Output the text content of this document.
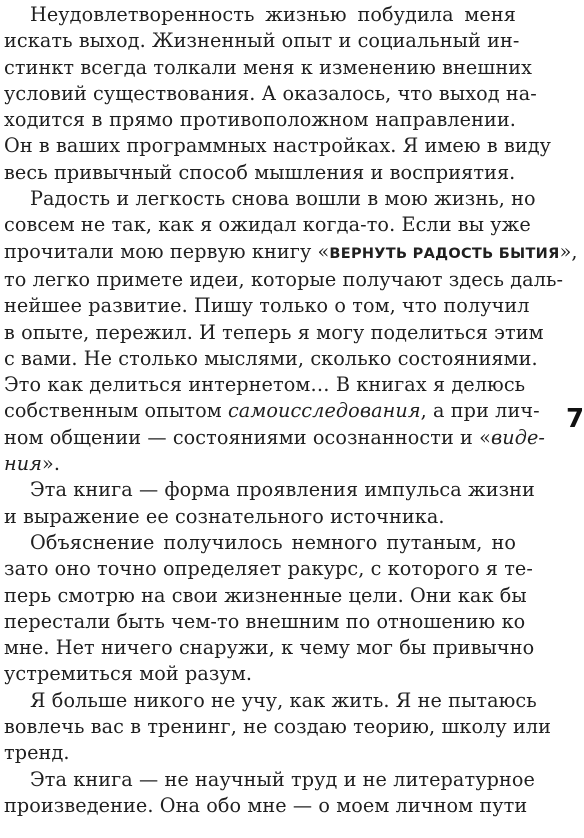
Неудовлетворенность жизнью побудила меня
искать выход. Жизненный опыт и социальный ин-
стинкт всегда толкали меня к изменению внешних
условий существования. А оказалось, что выход на-
ходится в прямо противоположном направлении.
Он в ваших программных настройках. Я имею в виду
весь привычный способ мышления и восприятия.
Радость и легкость снова вошли в мою жизнь, но
совсем не так, как я ожидал когда-то. Если вы уже
прочитали мою первую книгу «ВЕРНУТЬ РАДОСТЬ БЫТИЯ»,
то легко примете идеи, которые получают здесь даль-
нейшее развитие. Пишу только о том, что получил
в опыте, пережил. И теперь я могу поделиться этим
с вами. Не столько мыслями, сколько состояниями.
Это как делиться интернетом… В книгах я делюсь
собственным опытом самоисследования, а при лич-
ном общении — состояниями осознанности и «виде-
ния».
Эта книга — форма проявления импульса жизни
и выражение ее сознательного источника.
Объяснение получилось немного путаным, но
зато оно точно определяет ракурс, с которого я те-
перь смотрю на свои жизненные цели. Они как бы
перестали быть чем-то внешним по отношению ко
мне. Нет ничего снаружи, к чему мог бы привычно
устремиться мой разум.
Я больше никого не учу, как жить. Я не пытаюсь
вовлечь вас в тренинг, не создаю теорию, школу или
тренд.
Эта книга — не научный труд и не литературное
произведение. Она обо мне — о моем личном пути
7
